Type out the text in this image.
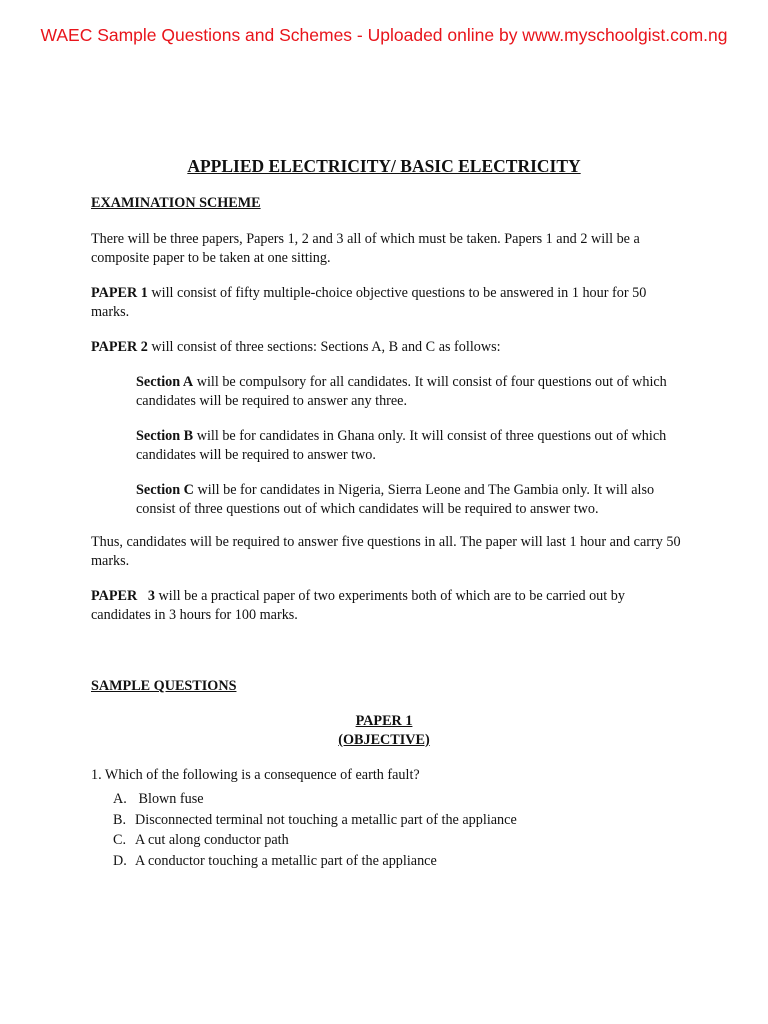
WAEC Sample Questions and Schemes - Uploaded online by www.myschoolgist.com.ng
APPLIED ELECTRICITY/ BASIC ELECTRICITY
EXAMINATION SCHEME
There will be three papers, Papers 1, 2 and 3 all of which must be taken. Papers 1 and 2 will be a composite paper to be taken at one sitting.
PAPER 1 will consist of fifty multiple-choice objective questions to be answered in 1 hour for 50 marks.
PAPER 2 will consist of three sections: Sections A, B and C as follows:
Section A will be compulsory for all candidates. It will consist of four questions out of which candidates will be required to answer any three.
Section B will be for candidates in Ghana only. It will consist of three questions out of which candidates will be required to answer two.
Section C will be for candidates in Nigeria, Sierra Leone and The Gambia only. It will also consist of three questions out of which candidates will be required to answer two.
Thus, candidates will be required to answer five questions in all. The paper will last 1 hour and carry 50 marks.
PAPER   3 will be a practical paper of two experiments both of which are to be carried out by candidates in 3 hours for 100 marks.
SAMPLE QUESTIONS
PAPER 1
(OBJECTIVE)
1. Which of the following is a consequence of earth fault?
A. Blown fuse
B. Disconnected terminal not touching a metallic part of the appliance
C. A cut along conductor path
D. A conductor touching a metallic part of the appliance
